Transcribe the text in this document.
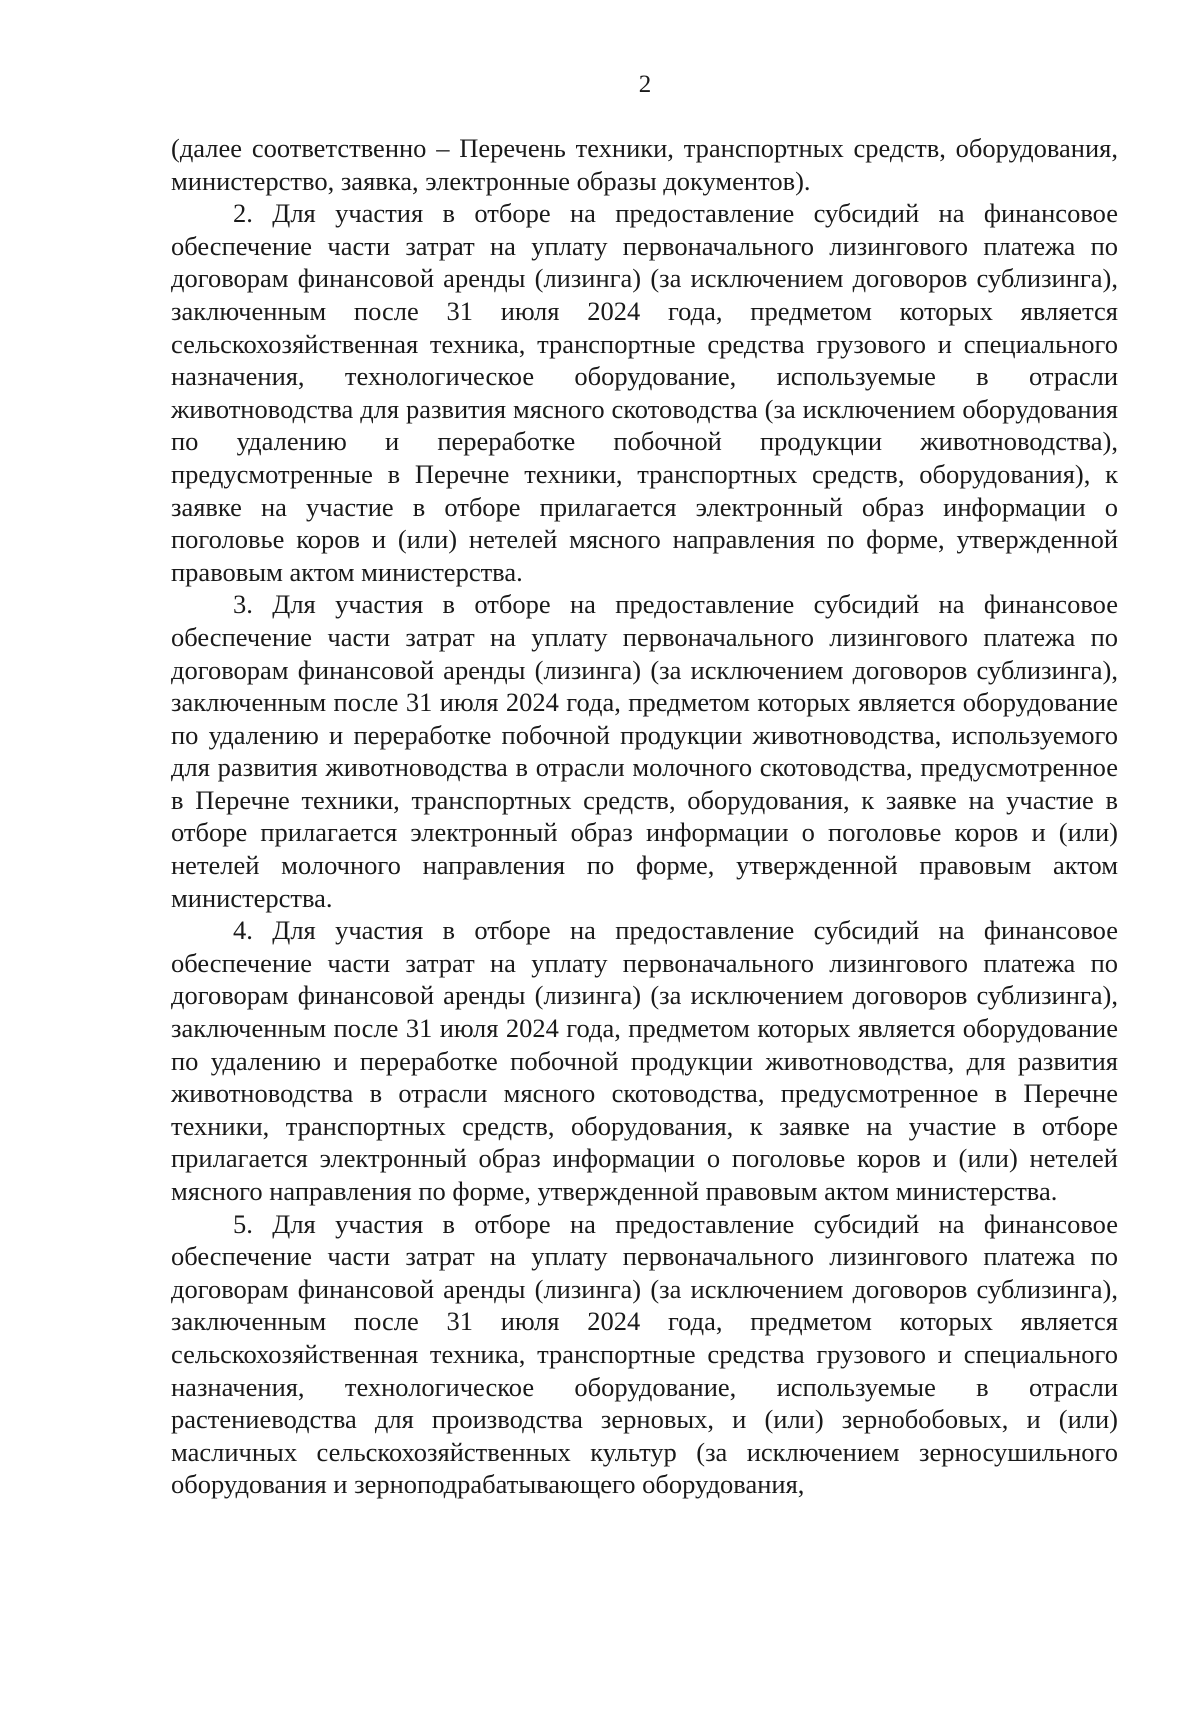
2

(далее соответственно – Перечень техники, транспортных средств, оборудования, министерство, заявка, электронные образы документов).

2. Для участия в отборе на предоставление субсидий на финансовое обеспечение части затрат на уплату первоначального лизингового платежа по договорам финансовой аренды (лизинга) (за исключением договоров сублизинга), заключенным после 31 июля 2024 года, предметом которых является сельскохозяйственная техника, транспортные средства грузового и специального назначения, технологическое оборудование, используемые в отрасли животноводства для развития мясного скотоводства (за исключением оборудования по удалению и переработке побочной продукции животноводства), предусмотренные в Перечне техники, транспортных средств, оборудования), к заявке на участие в отборе прилагается электронный образ информации о поголовье коров и (или) нетелей мясного направления по форме, утвержденной правовым актом министерства.

3. Для участия в отборе на предоставление субсидий на финансовое обеспечение части затрат на уплату первоначального лизингового платежа по договорам финансовой аренды (лизинга) (за исключением договоров сублизинга), заключенным после 31 июля 2024 года, предметом которых является оборудование по удалению и переработке побочной продукции животноводства, используемого для развития животноводства в отрасли молочного скотоводства, предусмотренное в Перечне техники, транспортных средств, оборудования, к заявке на участие в отборе прилагается электронный образ информации о поголовье коров и (или) нетелей молочного направления по форме, утвержденной правовым актом министерства.

4. Для участия в отборе на предоставление субсидий на финансовое обеспечение части затрат на уплату первоначального лизингового платежа по договорам финансовой аренды (лизинга) (за исключением договоров сублизинга), заключенным после 31 июля 2024 года, предметом которых является оборудование по удалению и переработке побочной продукции животноводства, для развития животноводства в отрасли мясного скотоводства, предусмотренное в Перечне техники, транспортных средств, оборудования, к заявке на участие в отборе прилагается электронный образ информации о поголовье коров и (или) нетелей мясного направления по форме, утвержденной правовым актом министерства.

5. Для участия в отборе на предоставление субсидий на финансовое обеспечение части затрат на уплату первоначального лизингового платежа по договорам финансовой аренды (лизинга) (за исключением договоров сублизинга), заключенным после 31 июля 2024 года, предметом которых является сельскохозяйственная техника, транспортные средства грузового и специального назначения, технологическое оборудование, используемые в отрасли растениеводства для производства зерновых, и (или) зернобобовых, и (или) масличных сельскохозяйственных культур (за исключением зерносушильного оборудования и зерноподрабатывающего оборудования,
